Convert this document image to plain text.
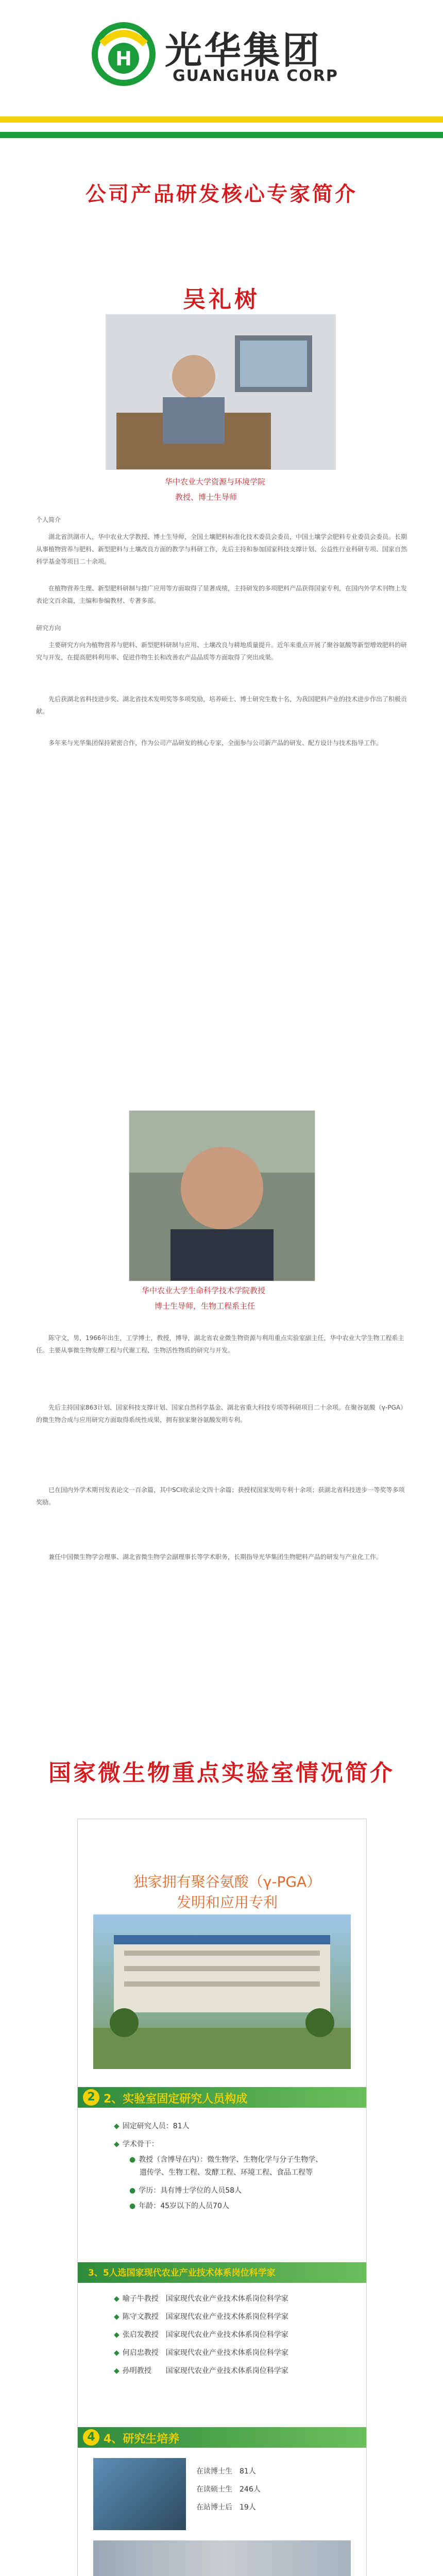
H 光华集团
GUANGHUA CORP
公司产品研发核心专家简介
吴礼树
华中农业大学资源与环境学院
教授、博士生导师
个人简介
湖北省洪湖市人，华中农业大学教授、博士生导师，全国土壤肥料标准化技术委员会委员，中国土壤学会肥料专业委员会委员。长期从事植物营养与肥料、新型肥料与土壤改良方面的教学与科研工作，先后主持和参加国家科技支撑计划、公益性行业科研专项、国家自然科学基金等项目二十余项。
在植物营养生理、新型肥料研制与推广应用等方面取得了显著成绩，主持研发的多项肥料产品获得国家专利，在国内外学术刊物上发表论文百余篇，主编和参编教材、专著多部。
研究方向
主要研究方向为植物营养与肥料、新型肥料研制与应用、土壤改良与耕地质量提升。近年来重点开展了聚谷氨酸等新型增效肥料的研究与开发，在提高肥料利用率、促进作物生长和改善农产品品质等方面取得了突出成果。
先后获湖北省科技进步奖、湖北省技术发明奖等多项奖励，培养硕士、博士研究生数十名，为我国肥料产业的技术进步作出了积极贡献。
多年来与光华集团保持紧密合作，作为公司产品研发的核心专家，全面参与公司新产品的研发、配方设计与技术指导工作。
华中农业大学生命科学技术学院教授
博士生导师，生物工程系主任
陈守文，男，1966年出生，工学博士，教授，博导，湖北省农业微生物资源与利用重点实验室副主任，华中农业大学生物工程系主任。主要从事微生物发酵工程与代谢工程、生物活性物质的研究与开发。
先后主持国家863计划、国家科技支撑计划、国家自然科学基金、湖北省重大科技专项等科研项目二十余项。在聚谷氨酸（γ-PGA）的微生物合成与应用研究方面取得系统性成果，拥有独家聚谷氨酸发明专利。
已在国内外学术期刊发表论文一百余篇，其中SCI收录论文四十余篇；获授权国家发明专利十余项；获湖北省科技进步一等奖等多项奖励。
兼任中国微生物学会理事、湖北省微生物学会副理事长等学术职务，长期指导光华集团生物肥料产品的研发与产业化工作。
国家微生物重点实验室情况简介
独家拥有聚谷氨酸（γ-PGA）
发明和应用专利
2 2、实验室固定研究人员构成
◆ 固定研究人员：81人
◆ 学术骨干：
● 教授（含博导在内）：微生物学、生物化学与分子生物学、
遗传学、生物工程、发酵工程、环境工程、食品工程等
● 学历：具有博士学位的人员58人
● 年龄：45岁以下的人员70人
3、5人选国家现代农业产业技术体系岗位科学家
◆ 喻子牛教授　国家现代农业产业技术体系岗位科学家
◆ 陈守文教授　国家现代农业产业技术体系岗位科学家
◆ 张启发教授　国家现代农业产业技术体系岗位科学家
◆ 何启忠教授　国家现代农业产业技术体系岗位科学家
◆ 孙明教授　　国家现代农业产业技术体系岗位科学家
4 4、研究生培养
在读博士生　81人
在读硕士生　246人
在站博士后　19人
